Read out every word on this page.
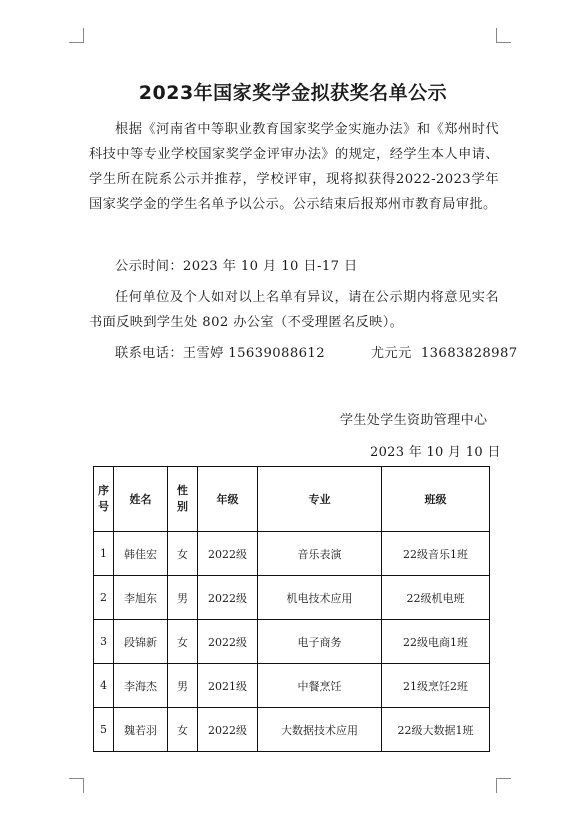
2023年国家奖学金拟获奖名单公示
根据《河南省中等职业教育国家奖学金实施办法》和《郑州时代科技中等专业学校国家奖学金评审办法》的规定，经学生本人申请、学生所在院系公示并推荐，学校评审，现将拟获得2022-2023学年国家奖学金的学生名单予以公示。公示结束后报郑州市教育局审批。
公示时间：2023 年 10 月 10 日-17 日
任何单位及个人如对以上名单有异议，请在公示期内将意见实名书面反映到学生处 802 办公室（不受理匿名反映）。
联系电话：王雪婷 15639088612          尤元元  13683828987
学生处学生资助管理中心
2023 年 10 月 10 日
序号	姓名	性别	年级	专业	班级
1	韩佳宏	女	2022级	音乐表演	22级音乐1班
2	李旭东	男	2022级	机电技术应用	22级机电班
3	段锦新	女	2022级	电子商务	22级电商1班
4	李海杰	男	2021级	中餐烹饪	21级烹饪2班
5	魏若羽	女	2022级	大数据技术应用	22级大数据1班
